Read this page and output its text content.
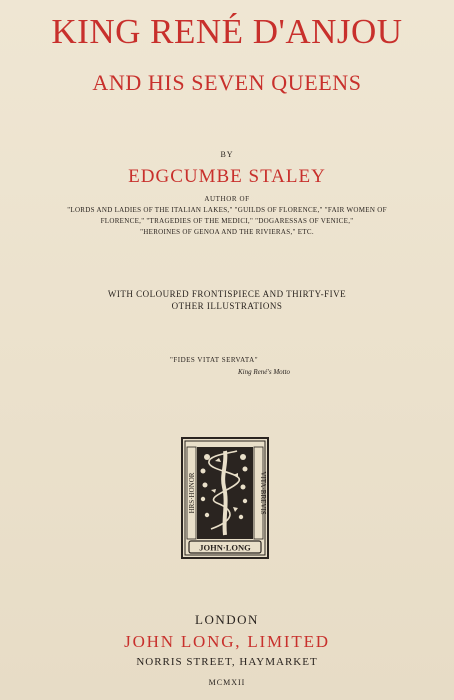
KING RENÉ D'ANJOU
AND HIS SEVEN QUEENS
BY
EDGCUMBE STALEY
AUTHOR OF
"LORDS AND LADIES OF THE ITALIAN LAKES," "GUILDS OF FLORENCE," "FAIR WOMEN OF
FLORENCE," "TRAGEDIES OF THE MEDICI," "DOGARESSAS OF VENICE,"
"HEROINES OF GENOA AND THE RIVIERAS," ETC.
WITH COLOURED FRONTISPIECE AND THIRTY-FIVE
OTHER ILLUSTRATIONS
"FIDES VITAT SERVATA"
King René's Motto
JOHN·LONG
HRS·HONOR	VITA·BREVIS
LONDON
JOHN LONG, LIMITED
NORRIS STREET, HAYMARKET
MCMXII
